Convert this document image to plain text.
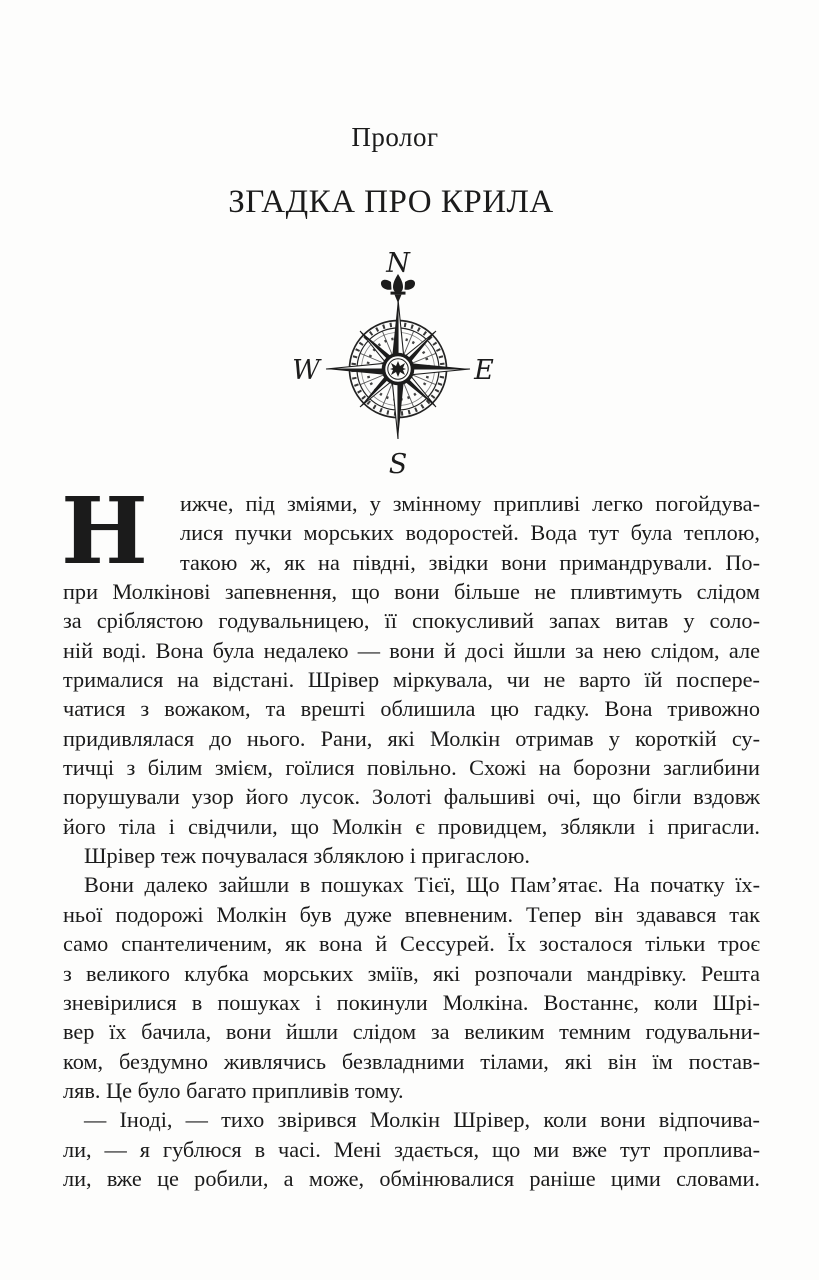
Пролог
ЗГАДКА ПРО КРИЛА
N
W	E
S
Н	ижче, під зміями, у змінному припливі легко погойдува-
лися пучки морських водоростей. Вода тут була теплою,
такою ж, як на півдні, звідки вони примандрували. По-
при Молкінові запевнення, що вони більше не пливтимуть слідом
за сріблястою годувальницею, її спокусливий запах витав у соло-
ній воді. Вона була недалеко — вони й досі йшли за нею слідом, але
трималися на відстані. Шрівер міркувала, чи не варто їй поспере-
чатися з вожаком, та врешті облишила цю гадку. Вона тривожно
придивлялася до нього. Рани, які Молкін отримав у короткій су-
тичці з білим змієм, гоїлися повільно. Схожі на борозни заглибини
порушували узор його лусок. Золоті фальшиві очі, що бігли вздовж
його тіла і свідчили, що Молкін є провидцем, зблякли і пригасли.
Шрівер теж почувалася збляклою і пригаслою.
Вони далеко зайшли в пошуках Тієї, Що Пам’ятає. На початку їх-
ньої подорожі Молкін був дуже впевненим. Тепер він здавався так
само спантеличеним, як вона й Сессурей. Їх зосталося тільки троє
з великого клубка морських зміїв, які розпочали мандрівку. Решта
зневірилися в пошуках і покинули Молкіна. Востаннє, коли Шрі-
вер їх бачила, вони йшли слідом за великим темним годувальни-
ком, бездумно живлячись безвладними тілами, які він їм постав-
ляв. Це було багато припливів тому.
— Іноді, — тихо звірився Молкін Шрівер, коли вони відпочива-
ли, — я гублюся в часі. Мені здається, що ми вже тут проплива-
ли, вже це робили, а може, обмінювалися раніше цими словами.
